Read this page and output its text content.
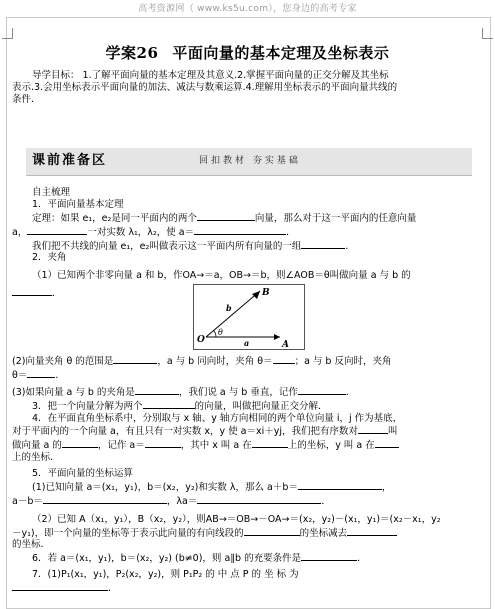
高考资源网（ www.ks5u.com），您身边的高考专家
学案26 平面向量的基本定理及坐标表示
导学目标： 1.了解平面向量的基本定理及其意义.2.掌握平面向量的正交分解及其坐标
表示.3.会用坐标表示平面向量的加法、减法与数乘运算.4.理解用坐标表示的平面向量共线的
条件．
课前准备区	回扣教材 夯实基础
自主梳理
1．平面向量基本定理
定理：如果 e₁，e₂是同一平面内的两个	向量，那么对于这一平面内的任意向量
a，	一对实数 λ₁，λ₂，使 a＝	．
我们把不共线的向量 e₁，e₂叫做表示这一平面内所有向量的一组	．
2．夹角
（1）已知两个非零向量 a 和 b，作OA→＝a，OB→＝b，则∠AOB＝θ叫做向量 a 与 b 的
．
O	A
B
θ
a
b
(2)向量夹角 θ 的范围是	，a 与 b 同向时，夹角 θ＝ ；a 与 b 反向时，夹角
θ＝	．
(3)如果向量 a 与 b 的夹角是	，我们说 a 与 b 垂直，记作	．
3．把一个向量分解为两个	的向量，叫做把向量正交分解．
4．在平面直角坐标系中，分别取与 x 轴、y 轴方向相同的两个单位向量 i，j 作为基底，
对于平面内的一个向量 a，有且只有一对实数 x，y 使 a＝xi＋yj，我们把有序数对	叫
做向量 a 的	，记作 a＝	，其中 x 叫 a 在	上的坐标，y 叫 a 在
上的坐标．
5．平面向量的坐标运算
(1)已知向量 a＝(x₁，y₁)，b＝(x₂，y₂)和实数 λ，那么 a＋b＝	，
a－b＝	，λa＝	．
（2）已知 A（x₁，y₁），B（x₂，y₂），则AB→＝OB→－OA→＝(x₂，y₂)－(x₁，y₁)＝(x₂－x₁，y₂
－y₁)，即一个向量的坐标等于表示此向量的有向线段的	的坐标减去
的坐标．
6．若 a＝(x₁，y₁)，b＝(x₂，y₂) (b≠0)，则 a∥b 的充要条件是	．
7．(1)P₁(x₁，y₁)，P₂(x₂，y₂)，则 P₁P₂ 的 中 点 P 的 坐 标 为
．
